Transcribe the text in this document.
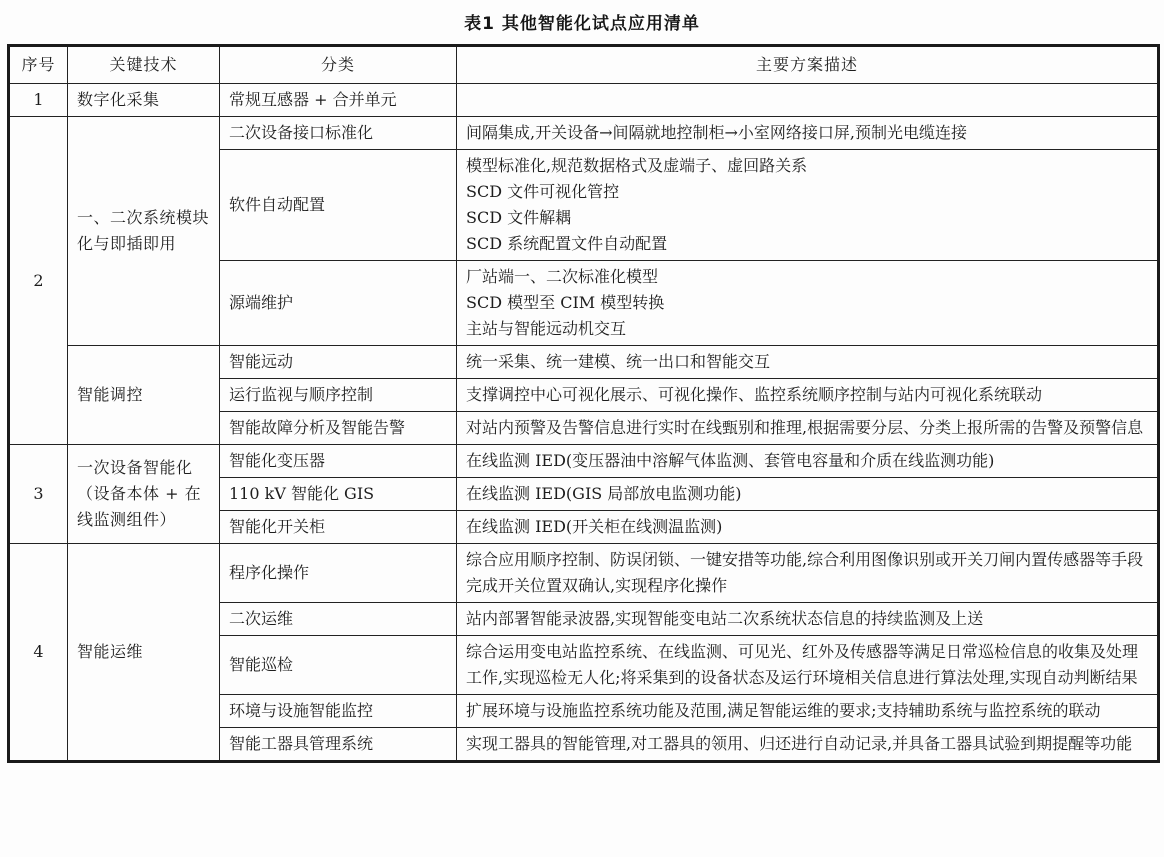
表1 其他智能化试点应用清单
序号	关键技术	分类	主要方案描述
1	数字化采集	常规互感器 + 合并单元	

2	一、二次系统模块化与即插即用	二次设备接口标准化	间隔集成,开关设备→间隔就地控制柜→小室网络接口屏,预制光电缆连接

		软件自动配置	模型标准化,规范数据格式及虚端子、虚回路关系
SCD 文件可视化管控
SCD 文件解耦
SCD 系统配置文件自动配置

		源端维护	厂站端一、二次标准化模型
SCD 模型至 CIM 模型转换
主站与智能远动机交互

	智能调控	智能远动	统一采集、统一建模、统一出口和智能交互

		运行监视与顺序控制	支撑调控中心可视化展示、可视化操作、监控系统顺序控制与站内可视化系统联动

		智能故障分析及智能告警	对站内预警及告警信息进行实时在线甄别和推理,根据需要分层、分类上报所需的告警及预警信息

3	一次设备智能化（设备本体 + 在线监测组件）	智能化变压器	在线监测 IED(变压器油中溶解气体监测、套管电容量和介质在线监测功能)

		110 kV 智能化 GIS	在线监测 IED(GIS 局部放电监测功能)

		智能化开关柜	在线监测 IED(开关柜在线测温监测)

4	智能运维	程序化操作	综合应用顺序控制、防误闭锁、一键安措等功能,综合利用图像识别或开关刀闸内置传感器等手段完成开关位置双确认,实现程序化操作

		二次运维	站内部署智能录波器,实现智能变电站二次系统状态信息的持续监测及上送

		智能巡检	综合运用变电站监控系统、在线监测、可见光、红外及传感器等满足日常巡检信息的收集及处理工作,实现巡检无人化;将采集到的设备状态及运行环境相关信息进行算法处理,实现自动判断结果

		环境与设施智能监控	扩展环境与设施监控系统功能及范围,满足智能运维的要求;支持辅助系统与监控系统的联动

		智能工器具管理系统	实现工器具的智能管理,对工器具的领用、归还进行自动记录,并具备工器具试验到期提醒等功能
